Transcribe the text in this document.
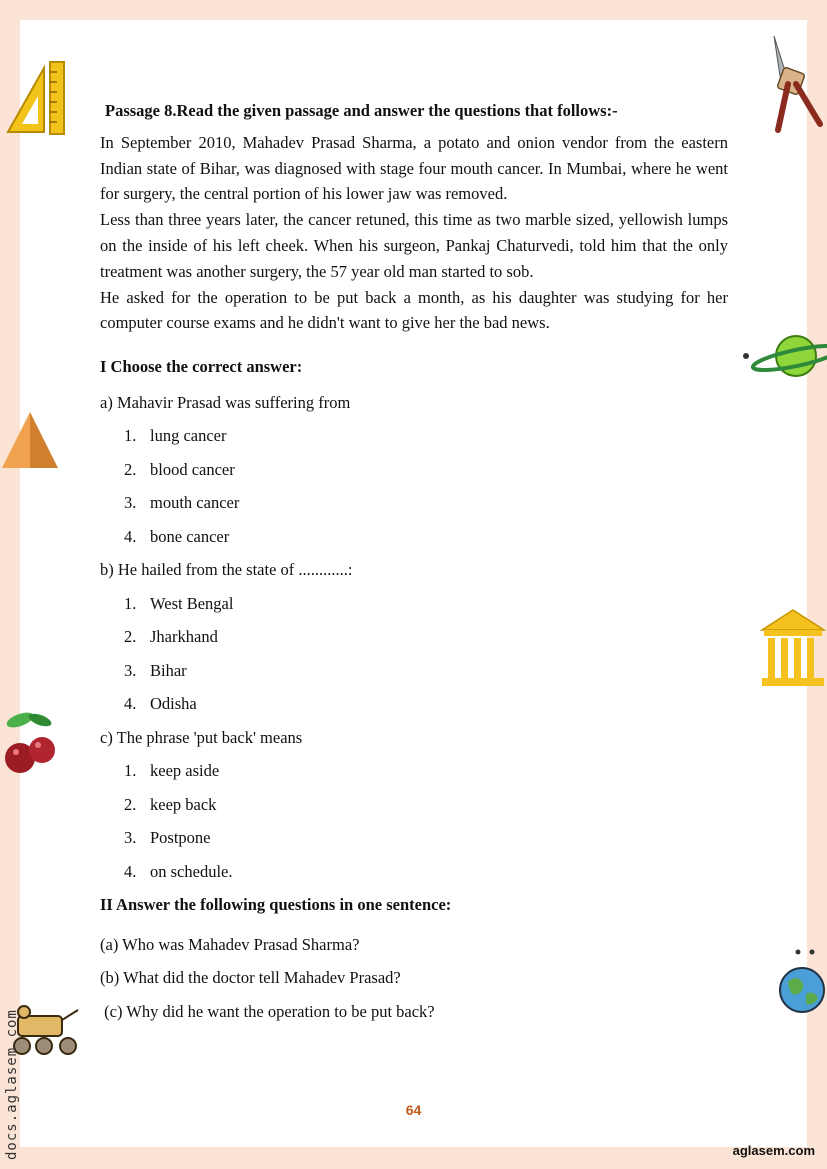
Passage 8.Read the given passage and answer the questions that follows:-

In September 2010, Mahadev Prasad Sharma, a potato and onion vendor from the eastern Indian state of Bihar, was diagnosed with stage four mouth cancer. In Mumbai, where he went for surgery, the central portion of his lower jaw was removed.

Less than three years later, the cancer retuned, this time as two marble sized, yellowish lumps on the inside of his left cheek. When his surgeon, Pankaj Chaturvedi, told him that the only treatment was another surgery, the 57 year old man started to sob.

He asked for the operation to be put back a month, as his daughter was studying for her computer course exams and he didn't want to give her the bad news.

I Choose the correct answer:

a) Mahavir Prasad was suffering from

1. lung cancer
2. blood cancer
3. mouth cancer
4. bone cancer

b) He hailed from the state of ............:

1. West Bengal
2. Jharkhand
3. Bihar
4. Odisha

c) The phrase 'put back' means

1. keep aside
2. keep back
3. Postpone
4. on schedule.

II Answer the following questions in one sentence:

(a) Who was Mahadev Prasad Sharma?

(b) What did the doctor tell Mahadev Prasad?

(c) Why did he want the operation to be put back?

64
aglasem.com
docs.aglasem.com
